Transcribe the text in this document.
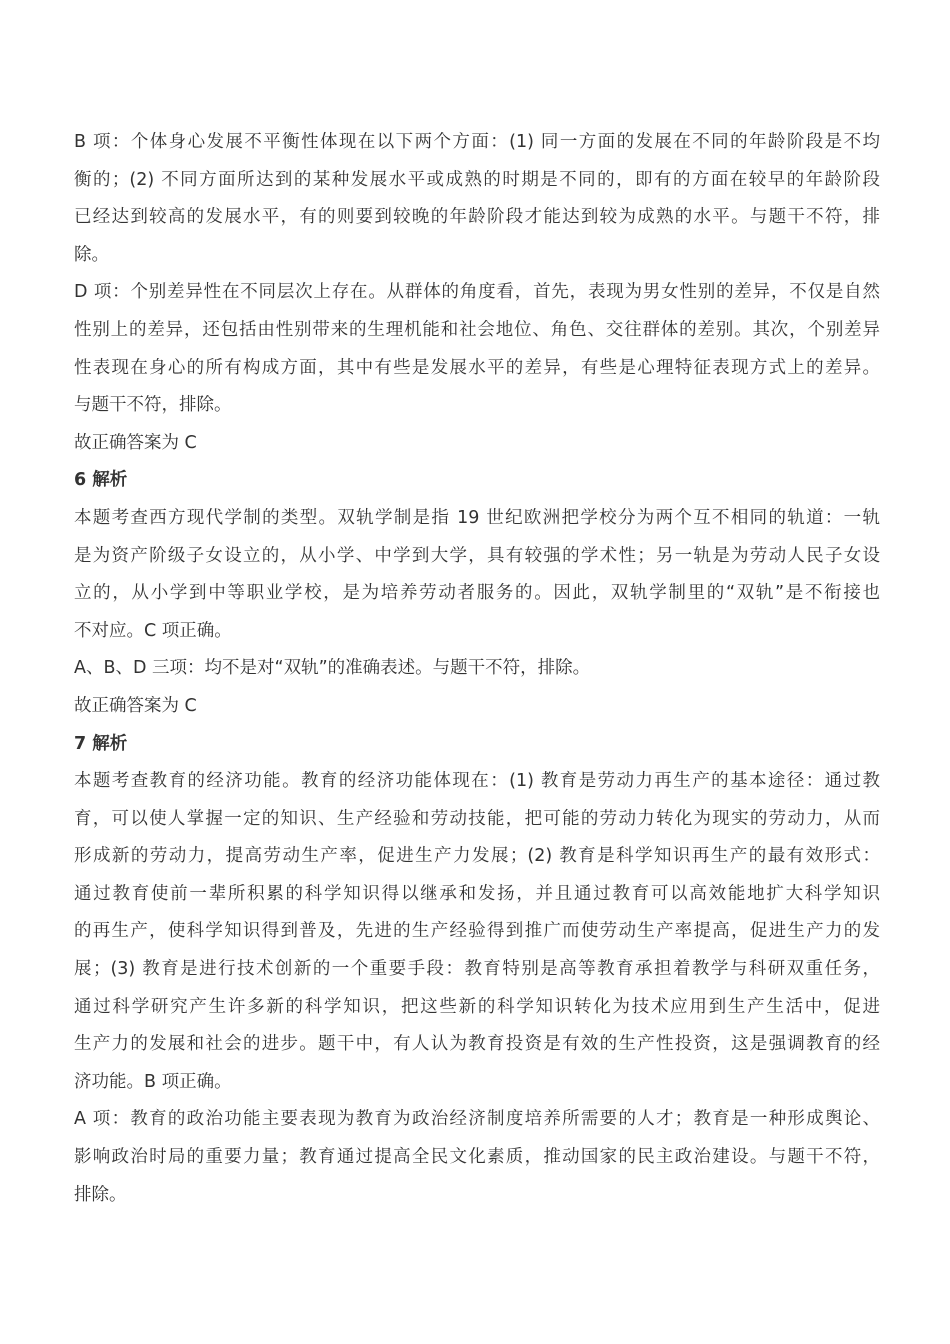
B 项：个体身心发展不平衡性体现在以下两个方面：(1) 同一方面的发展在不同的年龄阶段是不均
衡的；(2) 不同方面所达到的某种发展水平或成熟的时期是不同的，即有的方面在较早的年龄阶段
已经达到较高的发展水平，有的则要到较晚的年龄阶段才能达到较为成熟的水平。与题干不符，排
除。
D 项：个别差异性在不同层次上存在。从群体的角度看，首先，表现为男女性别的差异，不仅是自然
性别上的差异，还包括由性别带来的生理机能和社会地位、角色、交往群体的差别。其次，个别差异
性表现在身心的所有构成方面，其中有些是发展水平的差异，有些是心理特征表现方式上的差异。
与题干不符，排除。
故正确答案为 C
6 解析
本题考查西方现代学制的类型。双轨学制是指 19 世纪欧洲把学校分为两个互不相同的轨道：一轨
是为资产阶级子女设立的，从小学、中学到大学，具有较强的学术性；另一轨是为劳动人民子女设
立的，从小学到中等职业学校，是为培养劳动者服务的。因此，双轨学制里的“双轨”是不衔接也
不对应。C 项正确。
A、B、D 三项：均不是对“双轨”的准确表述。与题干不符，排除。
故正确答案为 C
7 解析
本题考查教育的经济功能。教育的经济功能体现在：(1) 教育是劳动力再生产的基本途径：通过教
育，可以使人掌握一定的知识、生产经验和劳动技能，把可能的劳动力转化为现实的劳动力，从而
形成新的劳动力，提高劳动生产率，促进生产力发展；(2) 教育是科学知识再生产的最有效形式：
通过教育使前一辈所积累的科学知识得以继承和发扬，并且通过教育可以高效能地扩大科学知识
的再生产，使科学知识得到普及，先进的生产经验得到推广而使劳动生产率提高，促进生产力的发
展；(3) 教育是进行技术创新的一个重要手段：教育特别是高等教育承担着教学与科研双重任务，
通过科学研究产生许多新的科学知识，把这些新的科学知识转化为技术应用到生产生活中，促进
生产力的发展和社会的进步。题干中，有人认为教育投资是有效的生产性投资，这是强调教育的经
济功能。B 项正确。
A 项：教育的政治功能主要表现为教育为政治经济制度培养所需要的人才；教育是一种形成舆论、
影响政治时局的重要力量；教育通过提高全民文化素质，推动国家的民主政治建设。与题干不符，
排除。
